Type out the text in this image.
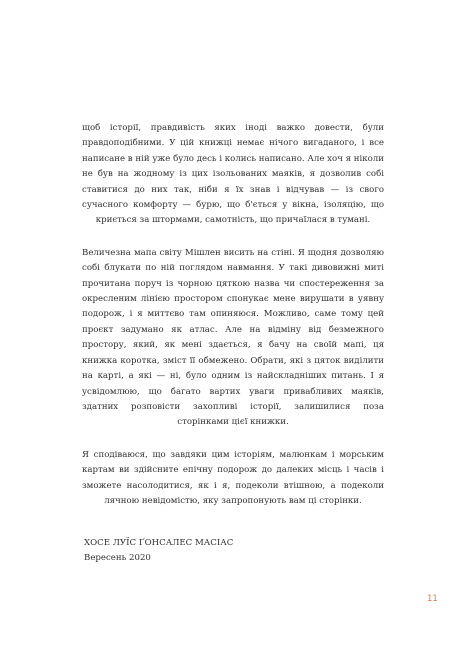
щоб історії, правдивість яких іноді важко довести, були правдоподібними. У цій книжці немає нічого вигаданого, і все написане в ній уже було десь і колись написано. Але хоч я ніколи не був на жодному із цих ізольованих маяків, я дозволив собі ставитися до них так, ніби я їх знав і відчував — із свого сучасного комфорту — бурю, що б'ється у вікна, ізоляцію, що криється за штормами, самотність, що причаїлася в тумані.

Величезна мапа світу Мішлен висить на стіні. Я щодня дозволяю собі блукати по ній поглядом навмання. У такі дивовижні миті прочитана поруч із чорною цяткою назва чи спостереження за окресленим лінією простором спонукає мене вирушати в уявну подорож, і я миттєво там опиняюся. Можливо, саме тому цей проєкт задумано як атлас. Але на відміну від безмежного простору, який, як мені здається, я бачу на своїй мапі, ця книжка коротка, зміст її обмежено. Обрати, які з цяток виділити на карті, а які — ні, було одним із найскладніших питань. І я усвідомлюю, що багато вартих уваги привабливих маяків, здатних розповісти захопливі історії, залишилися поза сторінками цієї книжки.

Я сподіваюся, що завдяки цим історіям, малюнкам і морським картам ви здійсните епічну подорож до далеких місць і часів і зможете насолодитися, як і я, подеколи втішною, а подеколи лячною невідомістю, яку запропонують вам ці сторінки.

ХОСЕ ЛУЇС ҐОНСАЛЕС МАСІАС
Вересень 2020
11
